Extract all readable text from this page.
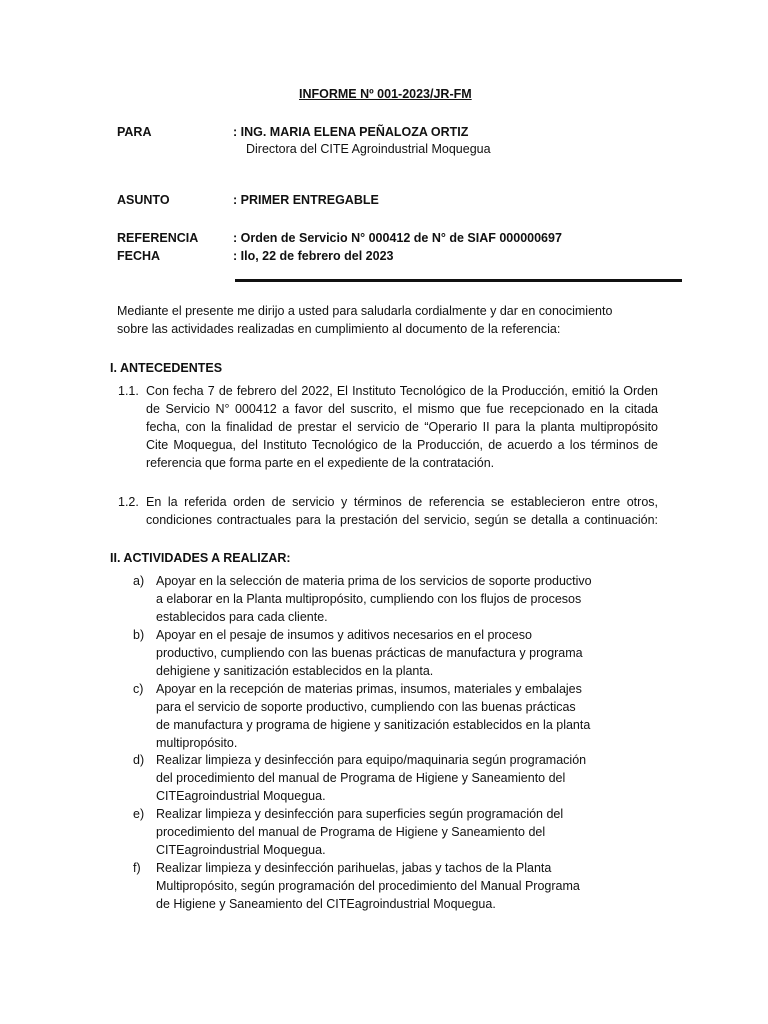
INFORME Nº 001-2023/JR-FM
PARA	: ING. MARIA ELENA PEÑALOZA ORTIZ
Directora del CITE Agroindustrial Moquegua
ASUNTO	: PRIMER ENTREGABLE
REFERENCIA	: Orden de Servicio N° 000412 de N° de SIAF 000000697
FECHA	: Ilo, 22 de febrero del 2023
Mediante el presente me dirijo a usted para saludarla cordialmente y dar en conocimiento
sobre las actividades realizadas en cumplimiento al documento de la referencia:
I. ANTECEDENTES
1.1. Con fecha 7 de febrero del 2022, El Instituto Tecnológico de la Producción, emitió la Orden
de Servicio N° 000412 a favor del suscrito, el mismo que fue recepcionado en la citada
fecha, con la finalidad de prestar el servicio de “Operario II para la planta multipropósito
Cite Moquegua, del Instituto Tecnológico de la Producción, de acuerdo a los términos de
referencia que forma parte en el expediente de la contratación.
1.2. En la referida orden de servicio y términos de referencia se establecieron entre otros,
condiciones contractuales para la prestación del servicio, según se detalla a continuación:
II. ACTIVIDADES A REALIZAR:
a) Apoyar en la selección de materia prima de los servicios de soporte productivo
a elaborar en la Planta multipropósito, cumpliendo con los flujos de procesos
establecidos para cada cliente.
b) Apoyar en el pesaje de insumos y aditivos necesarios en el proceso
productivo, cumpliendo con las buenas prácticas de manufactura y programa
dehigiene y sanitización establecidos en la planta.
c) Apoyar en la recepción de materias primas, insumos, materiales y embalajes
para el servicio de soporte productivo, cumpliendo con las buenas prácticas
de manufactura y programa de higiene y sanitización establecidos en la planta
multipropósito.
d) Realizar limpieza y desinfección para equipo/maquinaria según programación
del procedimiento del manual de Programa de Higiene y Saneamiento del
CITEagroindustrial Moquegua.
e) Realizar limpieza y desinfección para superficies según programación del
procedimiento del manual de Programa de Higiene y Saneamiento del
CITEagroindustrial Moquegua.
f) Realizar limpieza y desinfección parihuelas, jabas y tachos de la Planta
Multipropósito, según programación del procedimiento del Manual Programa
de Higiene y Saneamiento del CITEagroindustrial Moquegua.
